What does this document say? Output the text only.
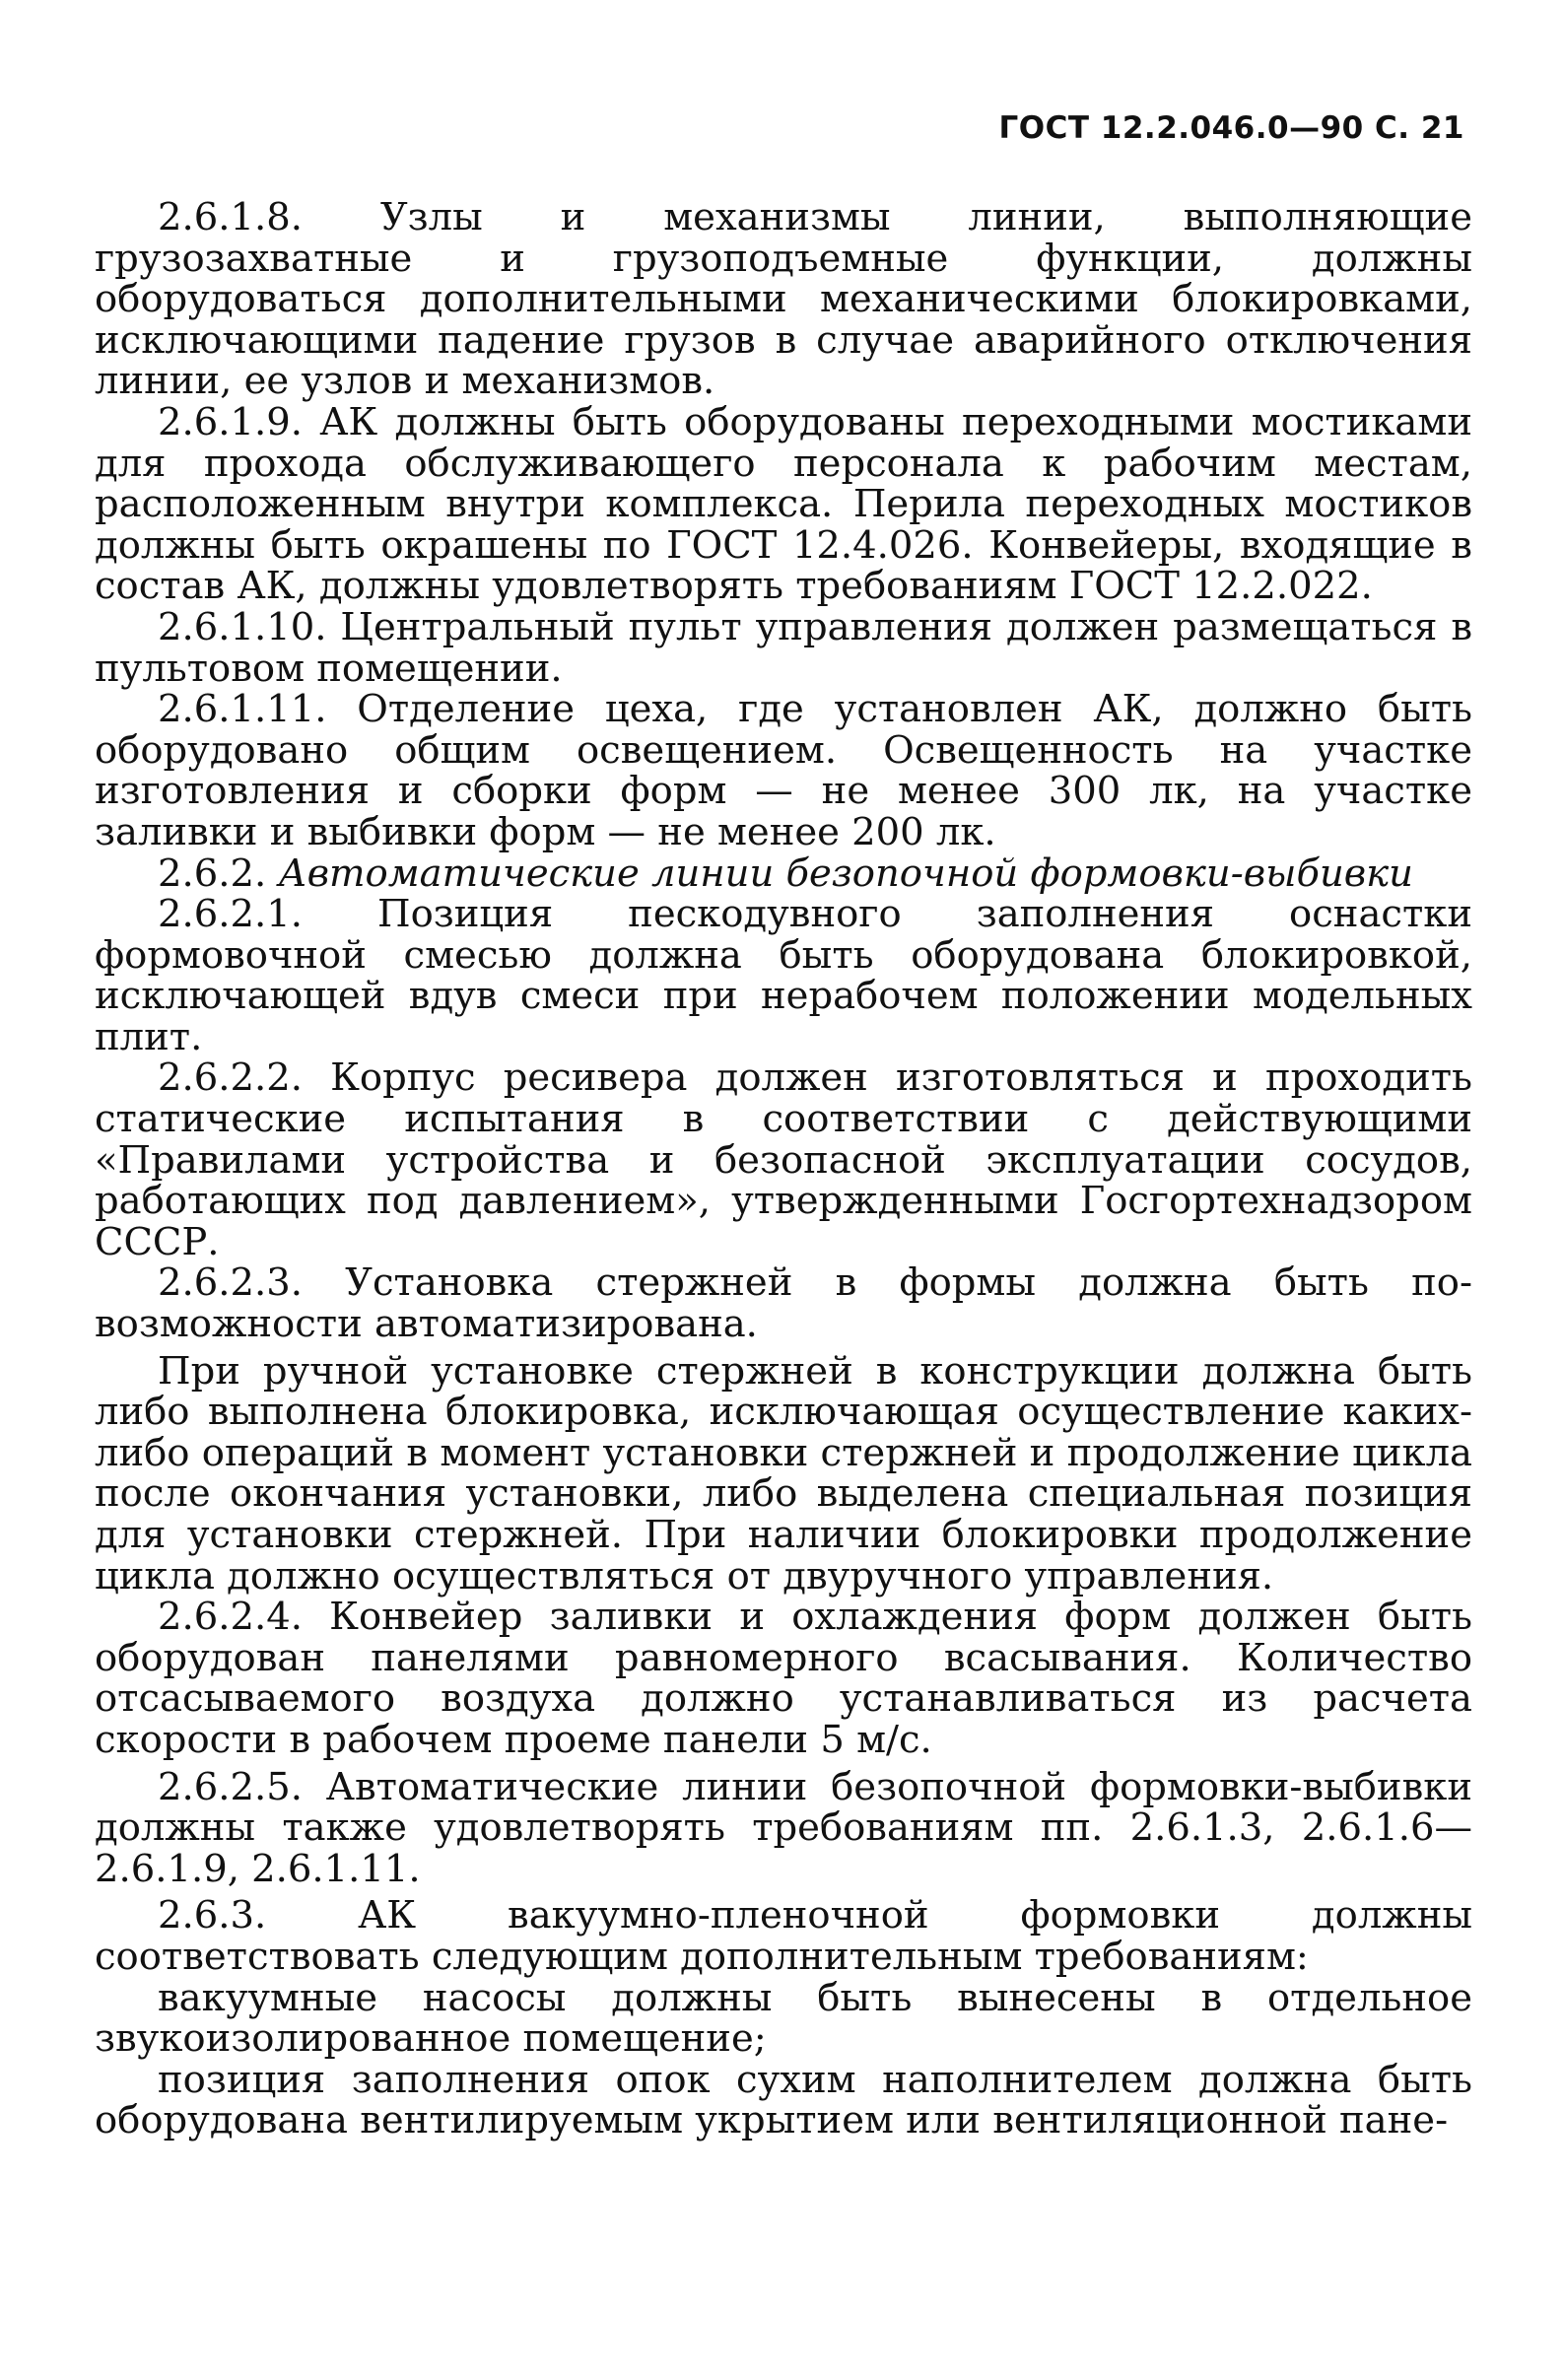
ГОСТ 12.2.046.0—90 С. 21

2.6.1.8. Узлы и механизмы линии, выполняющие грузозахватные и грузоподъемные функции, должны оборудоваться дополнительными механическими блокировками, исключающими падение грузов в случае аварийного отключения линии, ее узлов и механизмов.

2.6.1.9. АК должны быть оборудованы переходными мостиками для прохода обслуживающего персонала к рабочим местам, расположенным внутри комплекса. Перила переходных мостиков должны быть окрашены по ГОСТ 12.4.026. Конвейеры, входящие в состав АК, должны удовлетворять требованиям ГОСТ 12.2.022.

2.6.1.10. Центральный пульт управления должен размещаться в пультовом помещении.

2.6.1.11. Отделение цеха, где установлен АК, должно быть оборудовано общим освещением. Освещенность на участке изготовления и сборки форм — не менее 300 лк, на участке заливки и выбивки форм — не менее 200 лк.

2.6.2. Автоматические линии безопочной формовки-выбивки

2.6.2.1. Позиция пескодувного заполнения оснастки формовочной смесью должна быть оборудована блокировкой, исключающей вдув смеси при нерабочем положении модельных плит.

2.6.2.2. Корпус ресивера должен изготовляться и проходить статические испытания в соответствии с действующими «Правилами устройства и безопасной эксплуатации сосудов, работающих под давлением», утвержденными Госгортехнадзором СССР.

2.6.2.3. Установка стержней в формы должна быть по-возможности автоматизирована.

При ручной установке стержней в конструкции должна быть либо выполнена блокировка, исключающая осуществление каких-либо операций в момент установки стержней и продолжение цикла после окончания установки, либо выделена специальная позиция для установки стержней. При наличии блокировки продолжение цикла должно осуществляться от двуручного управления.

2.6.2.4. Конвейер заливки и охлаждения форм должен быть оборудован панелями равномерного всасывания. Количество отсасываемого воздуха должно устанавливаться из расчета скорости в рабочем проеме панели 5 м/с.

2.6.2.5. Автоматические линии безопочной формовки-выбивки должны также удовлетворять требованиям пп. 2.6.1.3, 2.6.1.6—2.6.1.9, 2.6.1.11.

2.6.3. АК вакуумно-пленочной формовки должны соответствовать следующим дополнительным требованиям:

вакуумные насосы должны быть вынесены в отдельное звукоизолированное помещение;

позиция заполнения опок сухим наполнителем должна быть оборудована вентилируемым укрытием или вентиляционной пане-
